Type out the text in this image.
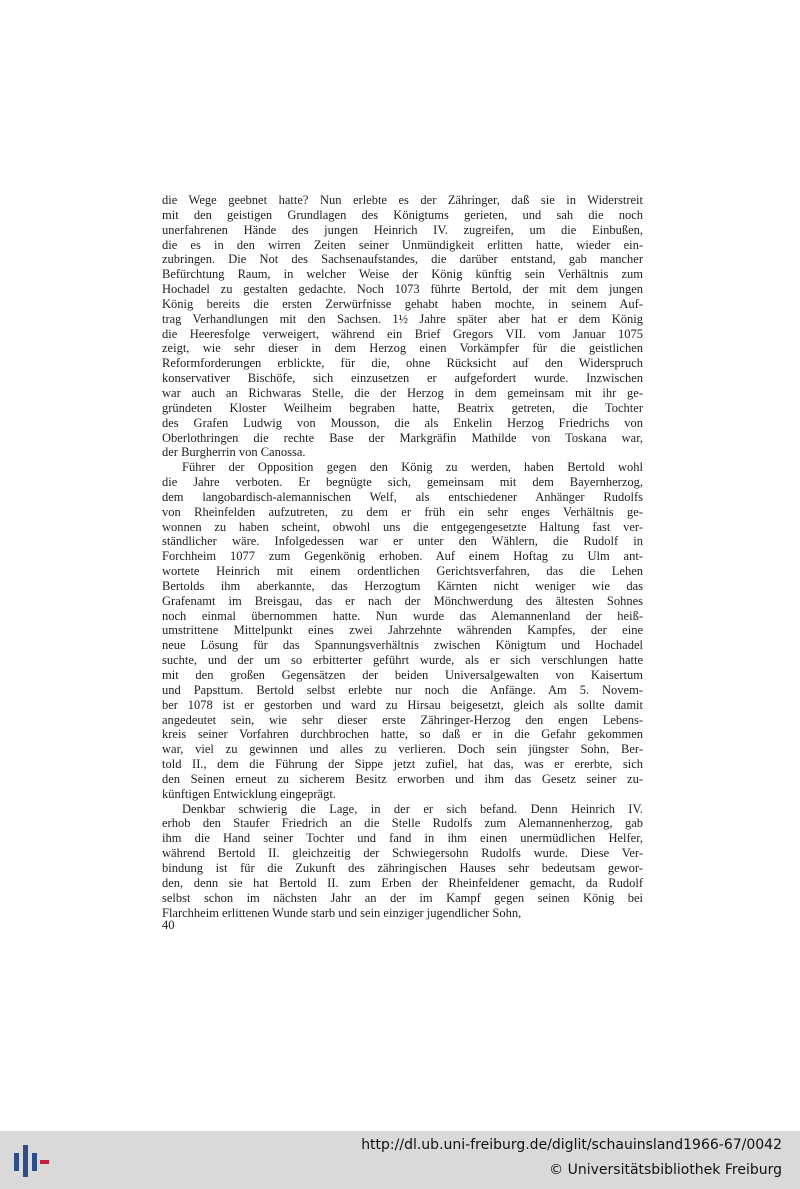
die Wege geebnet hatte? Nun erlebte es der Zähringer, daß sie in Widerstreit
mit den geistigen Grundlagen des Königtums gerieten, und sah die noch
unerfahrenen Hände des jungen Heinrich IV. zugreifen, um die Einbußen,
die es in den wirren Zeiten seiner Unmündigkeit erlitten hatte, wieder ein-
zubringen. Die Not des Sachsenaufstandes, die darüber entstand, gab mancher
Befürchtung Raum, in welcher Weise der König künftig sein Verhältnis zum
Hochadel zu gestalten gedachte. Noch 1073 führte Bertold, der mit dem jungen
König bereits die ersten Zerwürfnisse gehabt haben mochte, in seinem Auf-
trag Verhandlungen mit den Sachsen. 1½ Jahre später aber hat er dem König
die Heeresfolge verweigert, während ein Brief Gregors VII. vom Januar 1075
zeigt, wie sehr dieser in dem Herzog einen Vorkämpfer für die geistlichen
Reformforderungen erblickte, für die, ohne Rücksicht auf den Widerspruch
konservativer Bischöfe, sich einzusetzen er aufgefordert wurde. Inzwischen
war auch an Richwaras Stelle, die der Herzog in dem gemeinsam mit ihr ge-
gründeten Kloster Weilheim begraben hatte, Beatrix getreten, die Tochter
des Grafen Ludwig von Mousson, die als Enkelin Herzog Friedrichs von
Oberlothringen die rechte Base der Markgräfin Mathilde von Toskana war,
der Burgherrin von Canossa.
Führer der Opposition gegen den König zu werden, haben Bertold wohl
die Jahre verboten. Er begnügte sich, gemeinsam mit dem Bayernherzog,
dem langobardisch-alemannischen Welf, als entschiedener Anhänger Rudolfs
von Rheinfelden aufzutreten, zu dem er früh ein sehr enges Verhältnis ge-
wonnen zu haben scheint, obwohl uns die entgegengesetzte Haltung fast ver-
ständlicher wäre. Infolgedessen war er unter den Wählern, die Rudolf in
Forchheim 1077 zum Gegenkönig erhoben. Auf einem Hoftag zu Ulm ant-
wortete Heinrich mit einem ordentlichen Gerichtsverfahren, das die Lehen
Bertolds ihm aberkannte, das Herzogtum Kärnten nicht weniger wie das
Grafenamt im Breisgau, das er nach der Mönchwerdung des ältesten Sohnes
noch einmal übernommen hatte. Nun wurde das Alemannenland der heiß-
umstrittene Mittelpunkt eines zwei Jahrzehnte währenden Kampfes, der eine
neue Lösung für das Spannungsverhältnis zwischen Königtum und Hochadel
suchte, und der um so erbitterter geführt wurde, als er sich verschlungen hatte
mit den großen Gegensätzen der beiden Universalgewalten von Kaisertum
und Papsttum. Bertold selbst erlebte nur noch die Anfänge. Am 5. Novem-
ber 1078 ist er gestorben und ward zu Hirsau beigesetzt, gleich als sollte damit
angedeutet sein, wie sehr dieser erste Zähringer-Herzog den engen Lebens-
kreis seiner Vorfahren durchbrochen hatte, so daß er in die Gefahr gekommen
war, viel zu gewinnen und alles zu verlieren. Doch sein jüngster Sohn, Ber-
told II., dem die Führung der Sippe jetzt zufiel, hat das, was er ererbte, sich
den Seinen erneut zu sicherem Besitz erworben und ihm das Gesetz seiner zu-
künftigen Entwicklung eingeprägt.
Denkbar schwierig die Lage, in der er sich befand. Denn Heinrich IV.
erhob den Staufer Friedrich an die Stelle Rudolfs zum Alemannenherzog, gab
ihm die Hand seiner Tochter und fand in ihm einen unermüdlichen Helfer,
während Bertold II. gleichzeitig der Schwiegersohn Rudolfs wurde. Diese Ver-
bindung ist für die Zukunft des zähringischen Hauses sehr bedeutsam gewor-
den, denn sie hat Bertold II. zum Erben der Rheinfeldener gemacht, da Rudolf
selbst schon im nächsten Jahr an der im Kampf gegen seinen König bei
Flarchheim erlittenen Wunde starb und sein einziger jugendlicher Sohn,
40
http://dl.ub.uni-freiburg.de/diglit/schauinsland1966-67/0042
© Universitätsbibliothek Freiburg
